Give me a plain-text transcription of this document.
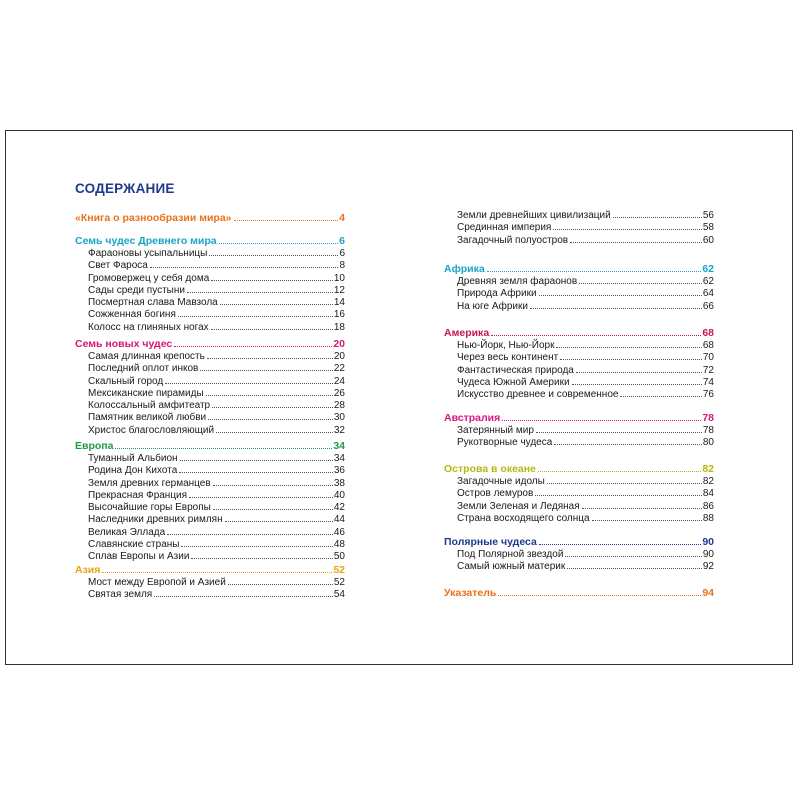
СОДЕРЖАНИЕ
«Книга о разнообразии мира»	4
Семь чудес Древнего мира	6
Фараоновы усыпальницы	6
Свет Фароса	8
Громовержец у себя дома	10
Сады среди пустыни	12
Посмертная слава Мавзола	14
Сожженная богиня	16
Колосс на глиняных ногах	18
Семь новых чудес	20
Самая длинная крепость	20
Последний оплот инков	22
Скальный город	24
Мексиканские пирамиды	26
Колоссальный амфитеатр	28
Памятник великой любви	30
Христос благословляющий	32
Европа	34
Туманный Альбион	34
Родина Дон Кихота	36
Земля древних германцев	38
Прекрасная Франция	40
Высочайшие горы Европы	42
Наследники древних римлян	44
Великая Эллада	46
Славянские страны	48
Сплав Европы и Азии	50
Азия	52
Мост между Европой и Азией	52
Святая земля	54
Земли древнейших цивилизаций	56
Срединная империя	58
Загадочный полуостров	60
Африка	62
Древняя земля фараонов	62
Природа Африки	64
На юге Африки	66
Америка	68
Нью-Йорк, Нью-Йорк	68
Через весь континент	70
Фантастическая природа	72
Чудеса Южной Америки	74
Искусство древнее и современное	76
Австралия	78
Затерянный мир	78
Рукотворные чудеса	80
Острова в океане	82
Загадочные идолы	82
Остров лемуров	84
Земли Зеленая и Ледяная	86
Страна восходящего солнца	88
Полярные чудеса	90
Под Полярной звездой	90
Самый южный материк	92
Указатель	94
